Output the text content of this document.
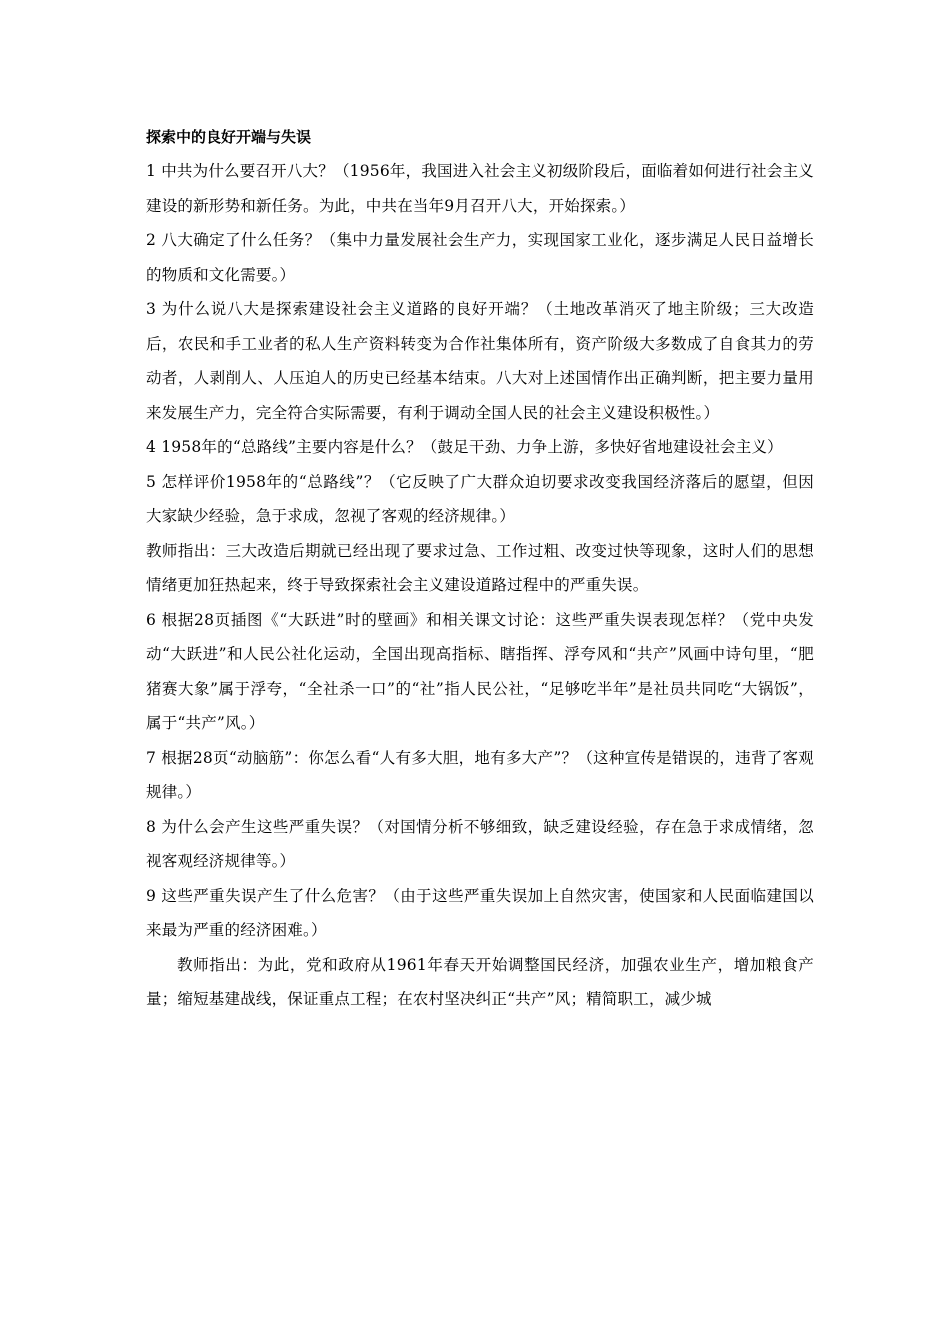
探索中的良好开端与失误

1 中共为什么要召开八大？（1956年，我国进入社会主义初级阶段后，面临着如何进行社会主义建设的新形势和新任务。为此，中共在当年9月召开八大，开始探索。）

2 八大确定了什么任务？（集中力量发展社会生产力，实现国家工业化，逐步满足人民日益增长的物质和文化需要。）

3 为什么说八大是探索建设社会主义道路的良好开端？（土地改革消灭了地主阶级；三大改造后，农民和手工业者的私人生产资料转变为合作社集体所有，资产阶级大多数成了自食其力的劳动者，人剥削人、人压迫人的历史已经基本结束。八大对上述国情作出正确判断，把主要力量用来发展生产力，完全符合实际需要，有利于调动全国人民的社会主义建设积极性。）

4 1958年的“总路线”主要内容是什么？（鼓足干劲、力争上游，多快好省地建设社会主义）

5 怎样评价1958年的“总路线”？（它反映了广大群众迫切要求改变我国经济落后的愿望，但因大家缺少经验，急于求成，忽视了客观的经济规律。）

教师指出：三大改造后期就已经出现了要求过急、工作过粗、改变过快等现象，这时人们的思想情绪更加狂热起来，终于导致探索社会主义建设道路过程中的严重失误。

6 根据28页插图《“大跃进”时的壁画》和相关课文讨论：这些严重失误表现怎样？（党中央发动“大跃进”和人民公社化运动，全国出现高指标、瞎指挥、浮夸风和“共产”风画中诗句里，“肥猪赛大象”属于浮夸，“全社杀一口”的“社”指人民公社，“足够吃半年”是社员共同吃“大锅饭”，属于“共产”风。）

7 根据28页“动脑筋”：你怎么看“人有多大胆，地有多大产”？（这种宣传是错误的，违背了客观规律。）

8 为什么会产生这些严重失误？（对国情分析不够细致，缺乏建设经验，存在急于求成情绪，忽视客观经济规律等。）

9 这些严重失误产生了什么危害？（由于这些严重失误加上自然灾害，使国家和人民面临建国以来最为严重的经济困难。）

教师指出：为此，党和政府从1961年春天开始调整国民经济，加强农业生产，增加粮食产量；缩短基建战线，保证重点工程；在农村坚决纠正“共产”风；精简职工，减少城
